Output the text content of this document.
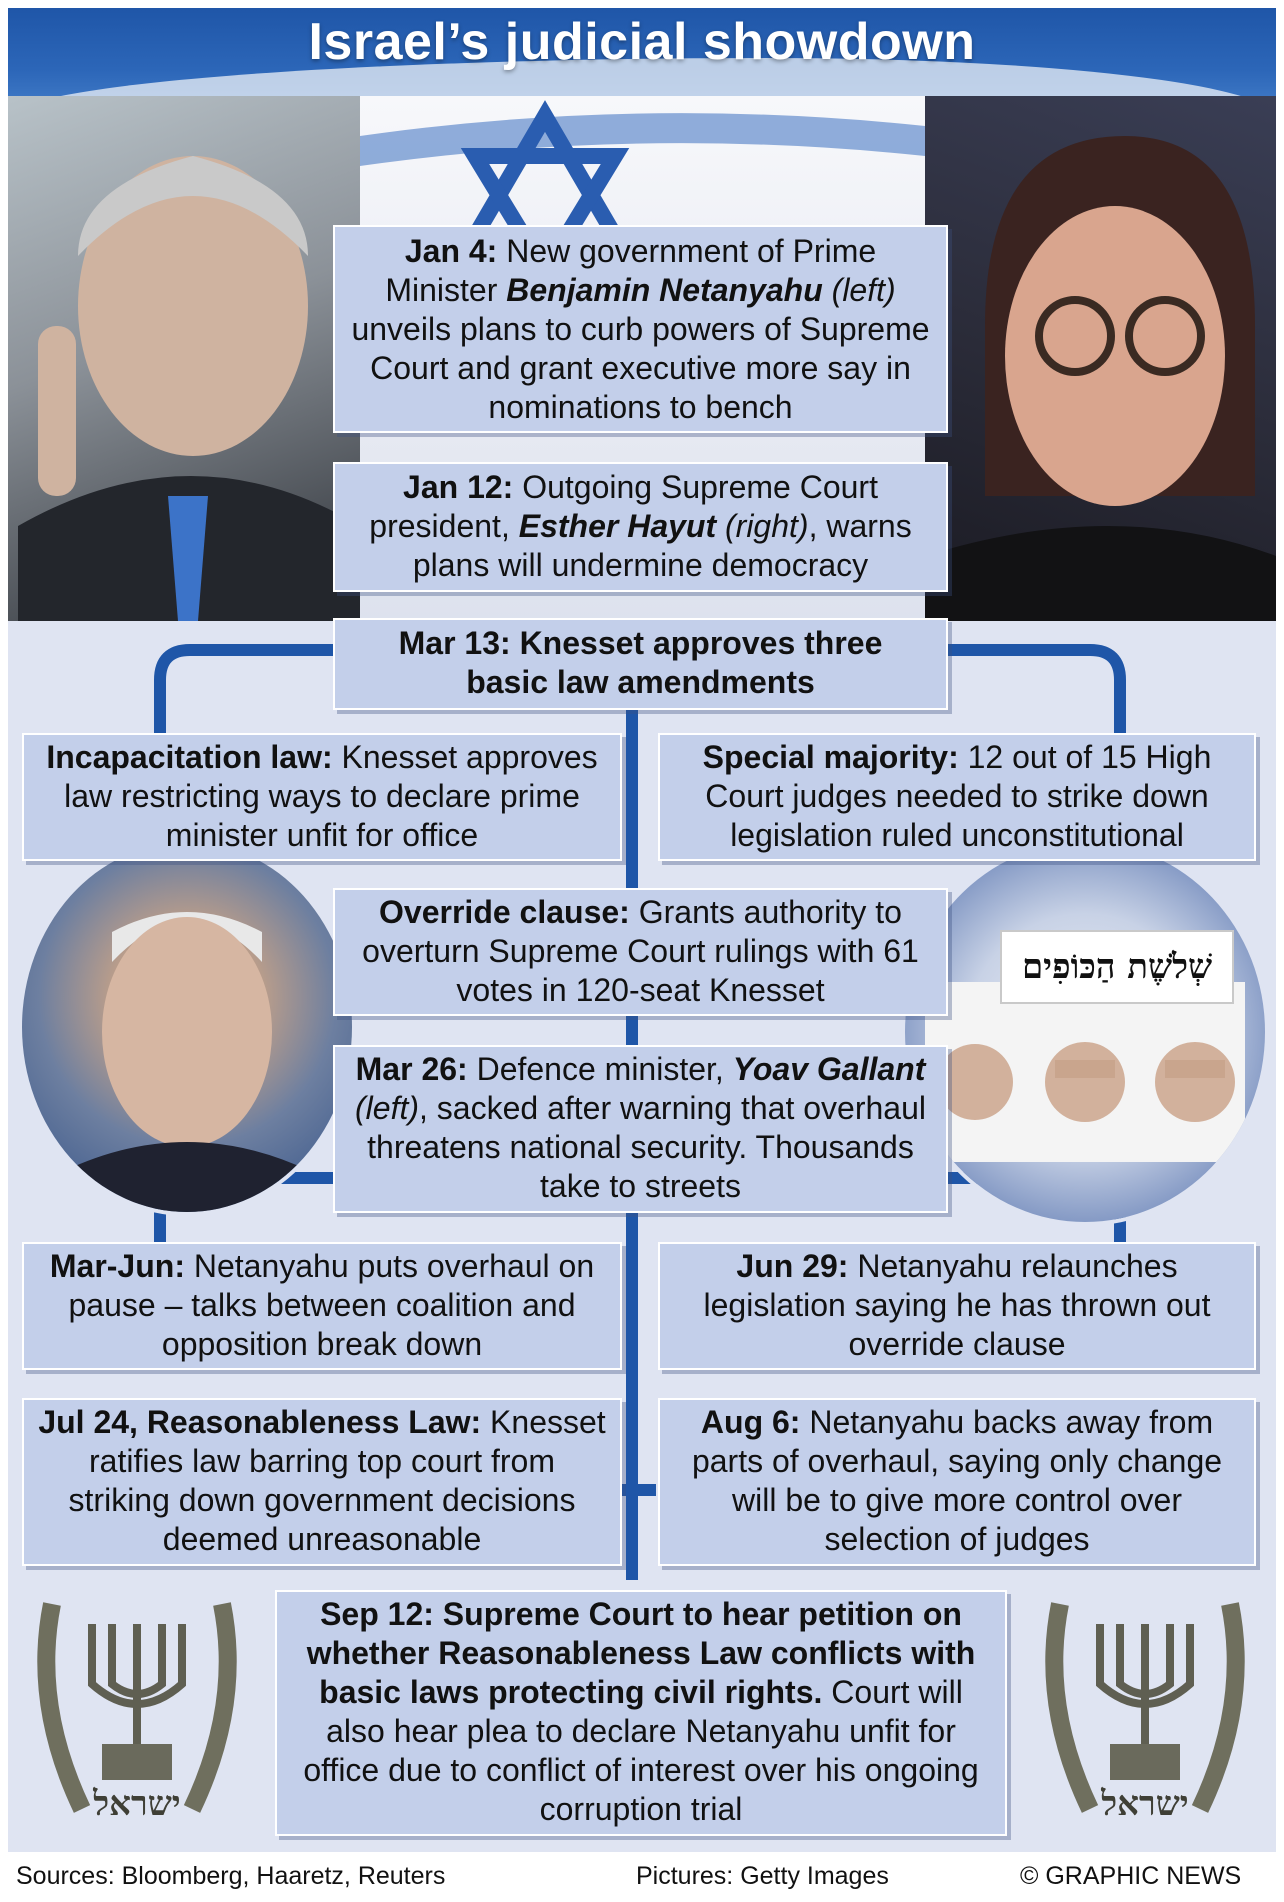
Israel’s judicial showdown
שְׁלֹשֶׁת הַכּוֹפִים
Jan 4: New government of Prime Minister Benjamin Netanyahu (left) unveils plans to curb powers of Supreme Court and grant executive more say in nominations to bench
Jan 12: Outgoing Supreme Court president, Esther Hayut (right), warns plans will undermine democracy
Mar 13: Knesset approves three basic law amendments
Incapacitation law: Knesset approves law restricting ways to declare prime minister unfit for office
Special majority: 12 out of 15 High Court judges needed to strike down legislation ruled unconstitutional
Override clause: Grants authority to overturn Supreme Court rulings with 61 votes in 120-seat Knesset
Mar 26: Defence minister, Yoav Gallant (left), sacked after warning that overhaul threatens national security. Thousands take to streets
Mar-Jun: Netanyahu puts overhaul on pause – talks between coalition and opposition break down
Jun 29: Netanyahu relaunches legislation saying he has thrown out override clause
Jul 24, Reasonableness Law: Knesset ratifies law barring top court from striking down government decisions deemed unreasonable
Aug 6: Netanyahu backs away from parts of overhaul, saying only change will be to give more control over selection of judges
Sep 12: Supreme Court to hear petition on whether Reasonableness Law conflicts with basic laws protecting civil rights. Court will also hear plea to declare Netanyahu unfit for office due to conflict of interest over his ongoing corruption trial
ישראל	ישראל
Sources: Bloomberg, Haaretz, Reuters	Pictures: Getty Images	© GRAPHIC NEWS
